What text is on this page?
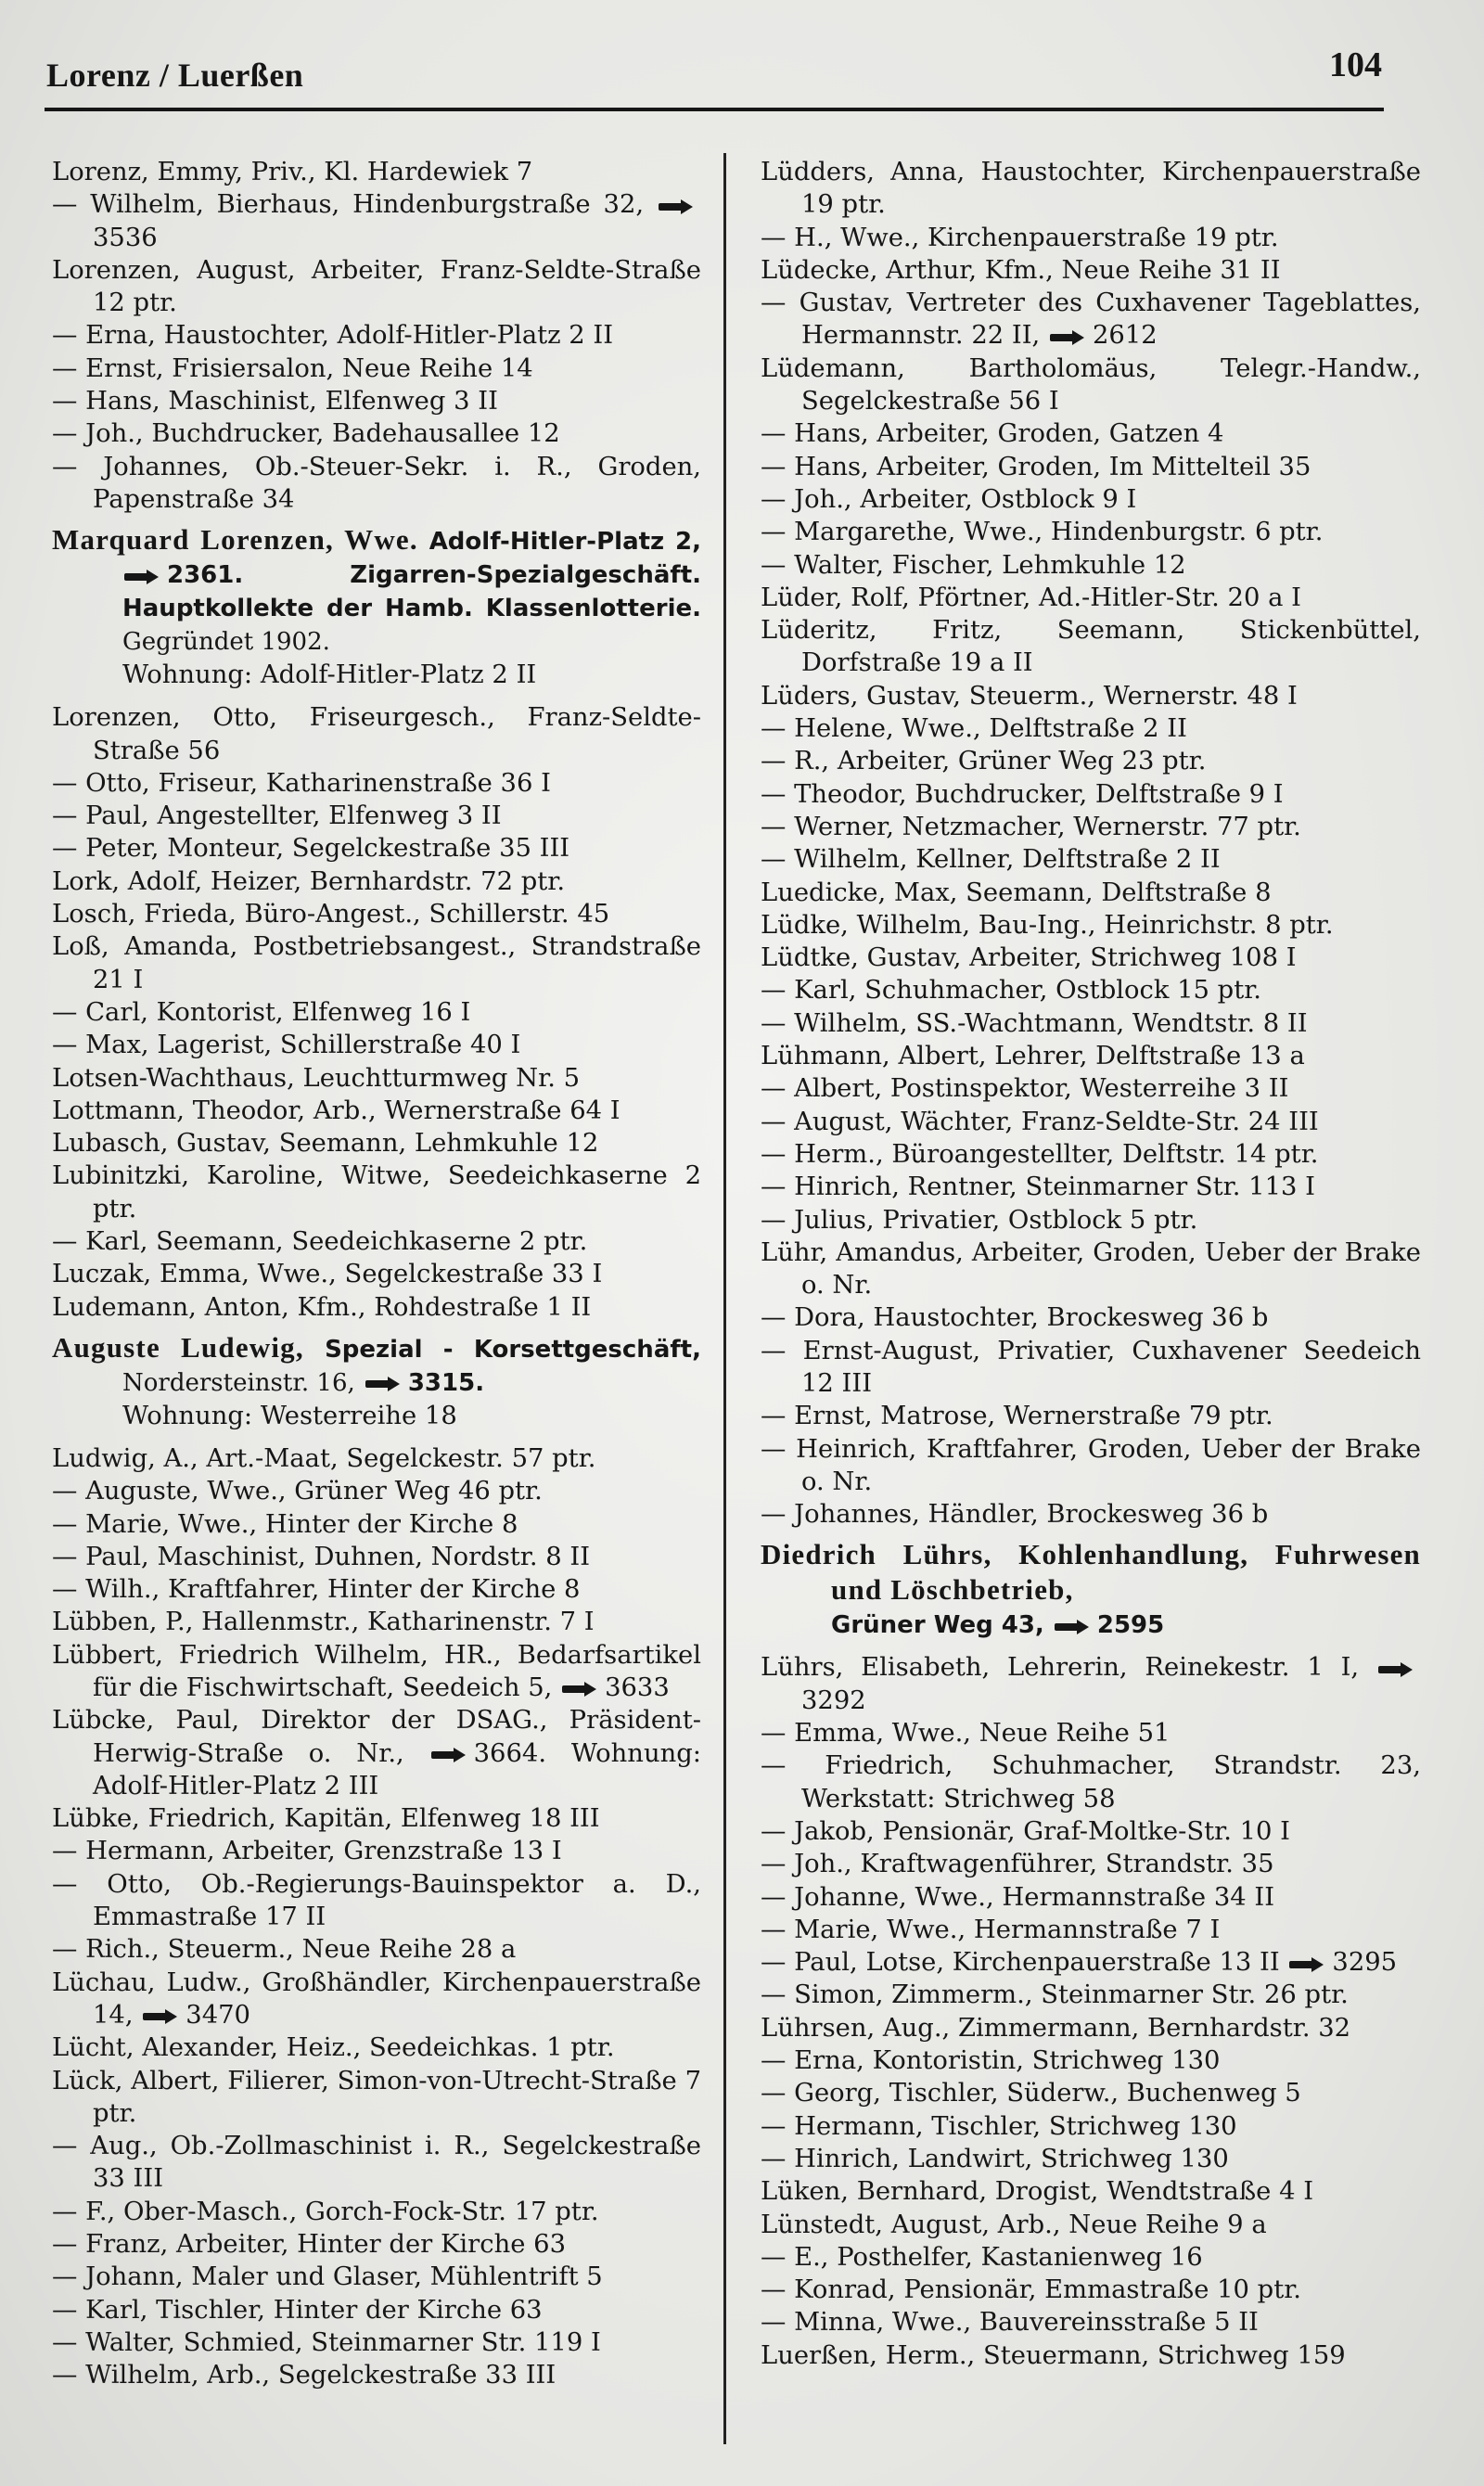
Lorenz / Luerßen	104
Lorenz, Emmy, Priv., Kl. Hardewiek 7
— Wilhelm, Bierhaus, Hindenburgstraße 32, 3536
Lorenzen, August, Arbeiter, Franz-Seldte-Straße 12 ptr.
— Erna, Haustochter, Adolf-Hitler-Platz 2 II
— Ernst, Frisiersalon, Neue Reihe 14
— Hans, Maschinist, Elfenweg 3 II
— Joh., Buchdrucker, Badehausallee 12
— Johannes, Ob.-Steuer-Sekr. i. R., Groden, Papenstraße 34
Marquard Lorenzen, Wwe. Adolf-Hitler-Platz 2, 2361.	Zigarren-Spezialgeschäft. Hauptkollekte der Hamb. Klassenlotterie. Gegründet 1902.
Wohnung: Adolf-Hitler-Platz 2 II
Lorenzen, Otto, Friseurgesch., Franz-Seldte-Straße 56
— Otto, Friseur, Katharinenstraße 36 I
— Paul, Angestellter, Elfenweg 3 II
— Peter, Monteur, Segelckestraße 35 III
Lork, Adolf, Heizer, Bernhardstr. 72 ptr.
Losch, Frieda, Büro-Angest., Schillerstr. 45
Loß, Amanda, Postbetriebsangest., Strandstraße 21 I
— Carl, Kontorist, Elfenweg 16 I
— Max, Lagerist, Schillerstraße 40 I
Lotsen-Wachthaus, Leuchtturmweg Nr. 5
Lottmann, Theodor, Arb., Wernerstraße 64 I
Lubasch, Gustav, Seemann, Lehmkuhle 12
Lubinitzki, Karoline, Witwe, Seedeichkaserne 2 ptr.
— Karl, Seemann, Seedeichkaserne 2 ptr.
Luczak, Emma, Wwe., Segelckestraße 33 I
Ludemann, Anton, Kfm., Rohdestraße 1 II
Auguste Ludewig, Spezial - Korsettgeschäft, Nordersteinstr. 16, 3315.
Wohnung: Westerreihe 18
Ludwig, A., Art.-Maat, Segelckestr. 57 ptr.
— Auguste, Wwe., Grüner Weg 46 ptr.
— Marie, Wwe., Hinter der Kirche 8
— Paul, Maschinist, Duhnen, Nordstr. 8 II
— Wilh., Kraftfahrer, Hinter der Kirche 8
Lübben, P., Hallenmstr., Katharinenstr. 7 I
Lübbert, Friedrich Wilhelm, HR., Bedarfsartikel für die Fischwirtschaft, Seedeich 5, 3633
Lübcke, Paul, Direktor der DSAG., Präsident-Herwig-Straße o. Nr.,	3664. Wohnung: Adolf-Hitler-Platz 2 III
Lübke, Friedrich, Kapitän, Elfenweg 18 III
— Hermann, Arbeiter, Grenzstraße 13 I
— Otto, Ob.-Regierungs-Bauinspektor a. D., Emmastraße 17 II
— Rich., Steuerm., Neue Reihe 28 a
Lüchau, Ludw., Großhändler, Kirchenpauerstraße 14, 3470
Lücht, Alexander, Heiz., Seedeichkas. 1 ptr.
Lück, Albert, Filierer, Simon-von-Utrecht-Straße 7 ptr.
— Aug., Ob.-Zollmaschinist i. R., Segelckestraße 33 III
— F., Ober-Masch., Gorch-Fock-Str. 17 ptr.
— Franz, Arbeiter, Hinter der Kirche 63
— Johann, Maler und Glaser, Mühlentrift 5
— Karl, Tischler, Hinter der Kirche 63
— Walter, Schmied, Steinmarner Str. 119 I
— Wilhelm, Arb., Segelckestraße 33 III
Lüdders, Anna, Haustochter, Kirchenpauerstraße 19 ptr.
— H., Wwe., Kirchenpauerstraße 19 ptr.
Lüdecke, Arthur, Kfm., Neue Reihe 31 II
— Gustav, Vertreter des Cuxhavener Tageblattes, Hermannstr. 22 II, 2612
Lüdemann, Bartholomäus, Telegr.-Handw., Segelckestraße 56 I
— Hans, Arbeiter, Groden, Gatzen 4
— Hans, Arbeiter, Groden, Im Mittelteil 35
— Joh., Arbeiter, Ostblock 9 I
— Margarethe, Wwe., Hindenburgstr. 6 ptr.
— Walter, Fischer, Lehmkuhle 12
Lüder, Rolf, Pförtner, Ad.-Hitler-Str. 20 a I
Lüderitz, Fritz, Seemann, Stickenbüttel, Dorfstraße 19 a II
Lüders, Gustav, Steuerm., Wernerstr. 48 I
— Helene, Wwe., Delftstraße 2 II
— R., Arbeiter, Grüner Weg 23 ptr.
— Theodor, Buchdrucker, Delftstraße 9 I
— Werner, Netzmacher, Wernerstr. 77 ptr.
— Wilhelm, Kellner, Delftstraße 2 II
Luedicke, Max, Seemann, Delftstraße 8
Lüdke, Wilhelm, Bau-Ing., Heinrichstr. 8 ptr.
Lüdtke, Gustav, Arbeiter, Strichweg 108 I
— Karl, Schuhmacher, Ostblock 15 ptr.
— Wilhelm, SS.-Wachtmann, Wendtstr. 8 II
Lühmann, Albert, Lehrer, Delftstraße 13 a
— Albert, Postinspektor, Westerreihe 3 II
— August, Wächter, Franz-Seldte-Str. 24 III
— Herm., Büroangestellter, Delftstr. 14 ptr.
— Hinrich, Rentner, Steinmarner Str. 113 I
— Julius, Privatier, Ostblock 5 ptr.
Lühr, Amandus, Arbeiter, Groden, Ueber der Brake o. Nr.
— Dora, Haustochter, Brockesweg 36 b
— Ernst-August, Privatier, Cuxhavener Seedeich 12 III
— Ernst, Matrose, Wernerstraße 79 ptr.
— Heinrich, Kraftfahrer, Groden, Ueber der Brake o. Nr.
— Johannes, Händler, Brockesweg 36 b
Diedrich Lührs, Kohlenhandlung, Fuhrwesen und Löschbetrieb,
Grüner Weg 43, 2595
Lührs, Elisabeth, Lehrerin, Reinekestr. 1 I, 3292
— Emma, Wwe., Neue Reihe 51
— Friedrich, Schuhmacher, Strandstr. 23, Werkstatt: Strichweg 58
— Jakob, Pensionär, Graf-Moltke-Str. 10 I
— Joh., Kraftwagenführer, Strandstr. 35
— Johanne, Wwe., Hermannstraße 34 II
— Marie, Wwe., Hermannstraße 7 I
— Paul, Lotse, Kirchenpauerstraße 13 II 3295
— Simon, Zimmerm., Steinmarner Str. 26 ptr.
Lührsen, Aug., Zimmermann, Bernhardstr. 32
— Erna, Kontoristin, Strichweg 130
— Georg, Tischler, Süderw., Buchenweg 5
— Hermann, Tischler, Strichweg 130
— Hinrich, Landwirt, Strichweg 130
Lüken, Bernhard, Drogist, Wendtstraße 4 I
Lünstedt, August, Arb., Neue Reihe 9 a
— E., Posthelfer, Kastanienweg 16
— Konrad, Pensionär, Emmastraße 10 ptr.
— Minna, Wwe., Bauvereinsstraße 5 II
Luerßen, Herm., Steuermann, Strichweg 159
